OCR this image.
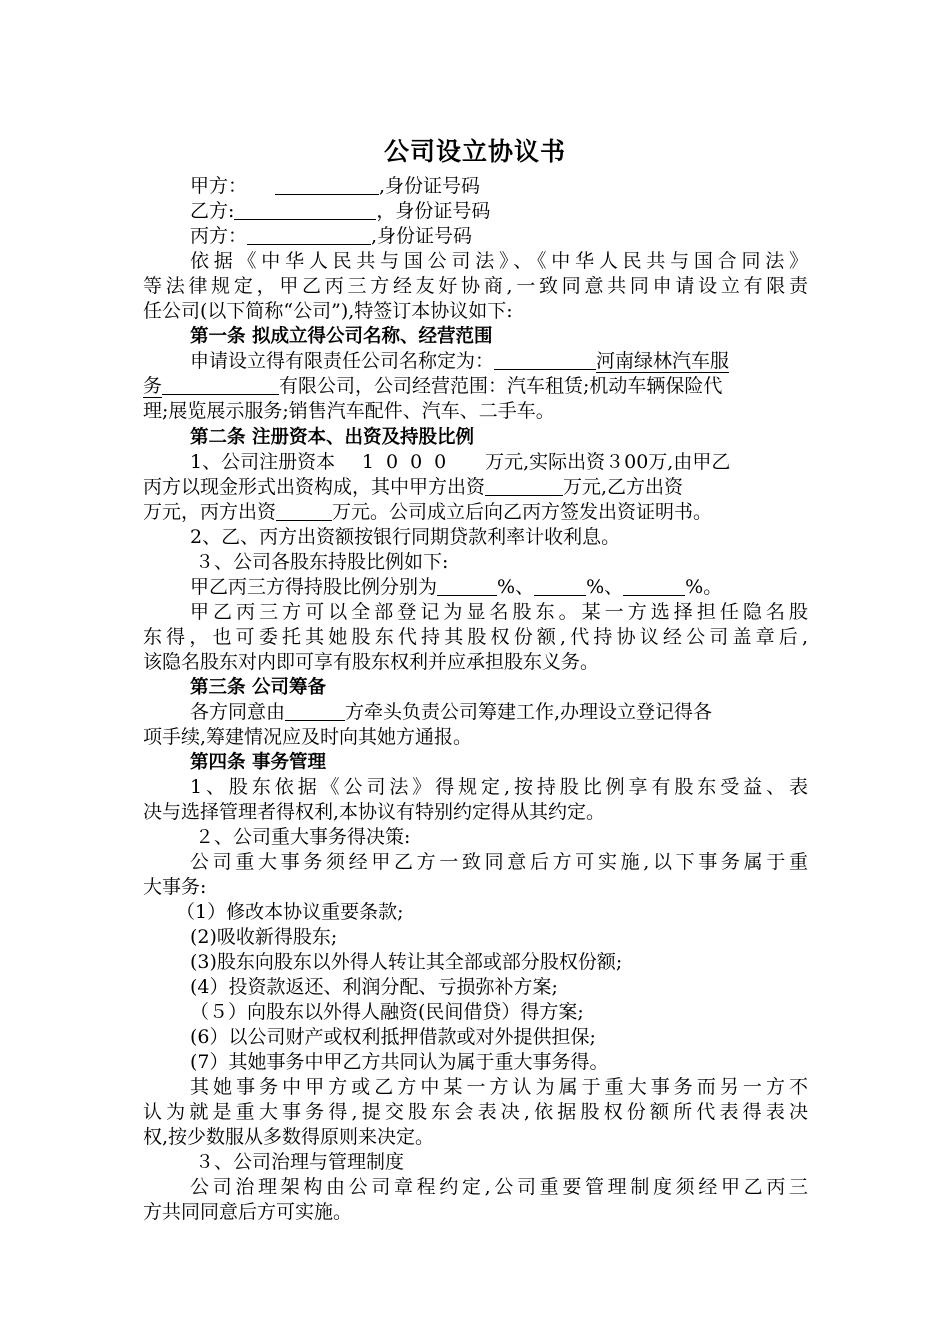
公司设立协议书
甲方：	,身份证号码
乙方:	，身份证号码
丙方：	,身份证号码
依据《中华人民共与国公司法》、《中华人民共与国合同法》
等法律规定，甲乙丙三方经友好协商,一致同意共同申请设立有限责
任公司(以下简称“公司”),特签订本协议如下:
第一条 拟成立得公司名称、经营范围
申请设立得有限责任公司名称定为：	河南绿林汽车服
务	有限公司，公司经营范围：汽车租赁;机动车辆保险代
理;展览展示服务;销售汽车配件、汽车、二手车。
第二条 注册资本、出资及持股比例
1、公司注册资本 1000 万元,实际出资３00万,由甲乙
丙方以现金形式出资构成，其中甲方出资	万元,乙方出资
万元，丙方出资	万元。公司成立后向乙丙方签发出资证明书。
2、乙、丙方出资额按银行同期贷款利率计收利息。
３、公司各股东持股比例如下:
甲乙丙三方得持股比例分别为	%、	%、	%。
甲乙丙三方可以全部登记为显名股东。某一方选择担任隐名股
东得，也可委托其她股东代持其股权份额,代持协议经公司盖章后,
该隐名股东对内即可享有股东权利并应承担股东义务。
第三条 公司筹备
各方同意由	方牵头负责公司筹建工作,办理设立登记得各
项手续,筹建情况应及时向其她方通报。
第四条 事务管理
1、股东依据《公司法》得规定,按持股比例享有股东受益、表
决与选择管理者得权利,本协议有特别约定得从其约定。
２、公司重大事务得决策:
公司重大事务须经甲乙方一致同意后方可实施,以下事务属于重
大事务:
（1）修改本协议重要条款;
(2)吸收新得股东;
(3)股东向股东以外得人转让其全部或部分股权份额;
(4）投资款返还、利润分配、亏损弥补方案;
（５）向股东以外得人融资(民间借贷）得方案;
(6）以公司财产或权利抵押借款或对外提供担保;
(7）其她事务中甲乙方共同认为属于重大事务得。
其她事务中甲方或乙方中某一方认为属于重大事务而另一方不
认为就是重大事务得,提交股东会表决,依据股权份额所代表得表决
权,按少数服从多数得原则来决定。
３、公司治理与管理制度
公司治理架构由公司章程约定,公司重要管理制度须经甲乙丙三
方共同同意后方可实施。
